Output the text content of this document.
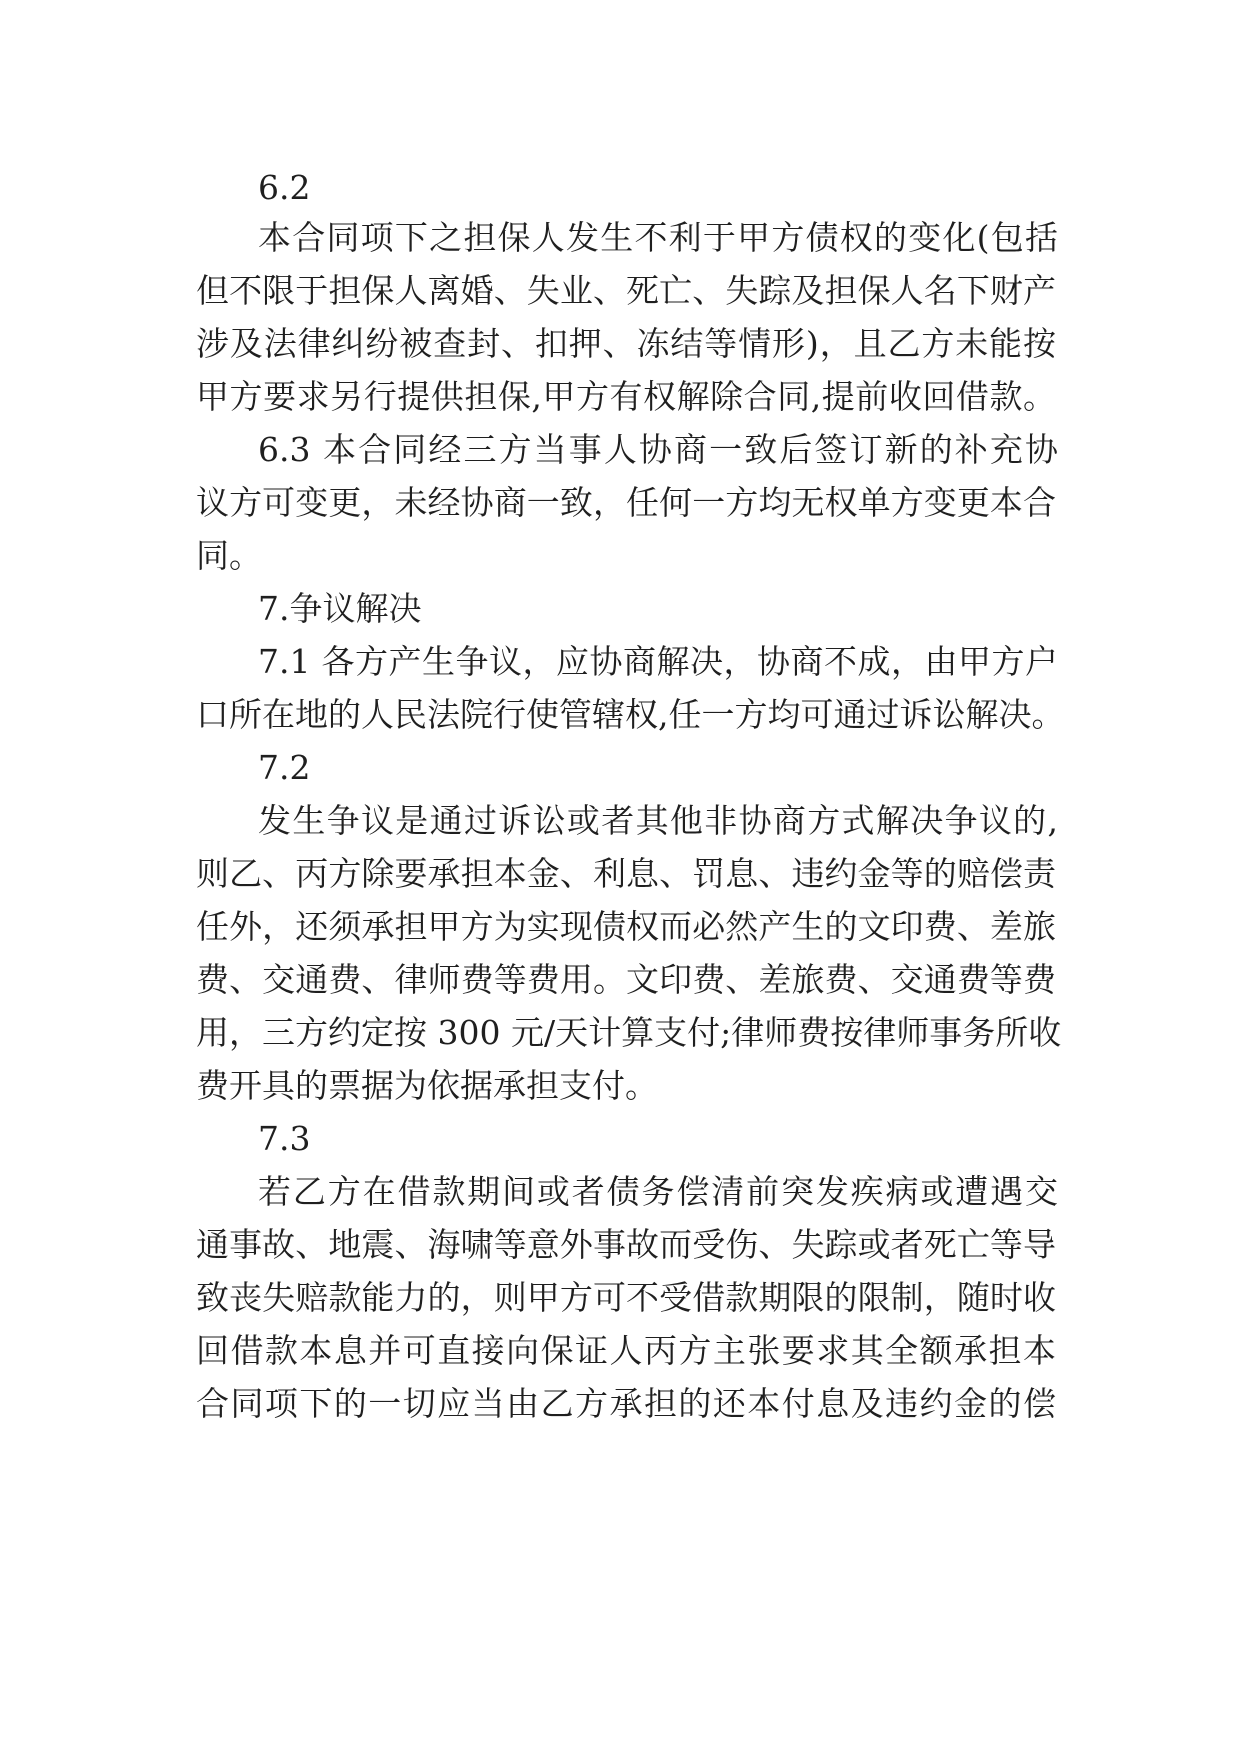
6.2
本合同项下之担保人发生不利于甲方债权的变化(包括
但不限于担保人离婚、失业、死亡、失踪及担保人名下财产
涉及法律纠纷被查封、扣押、冻结等情形)，且乙方未能按
甲方要求另行提供担保,甲方有权解除合同,提前收回借款。
6.3 本合同经三方当事人协商一致后签订新的补充协
议方可变更，未经协商一致，任何一方均无权单方变更本合
同。
7.争议解决
7.1 各方产生争议，应协商解决，协商不成，由甲方户
口所在地的人民法院行使管辖权,任一方均可通过诉讼解决。
7.2
发生争议是通过诉讼或者其他非协商方式解决争议的,
则乙、丙方除要承担本金、利息、罚息、违约金等的赔偿责
任外，还须承担甲方为实现债权而必然产生的文印费、差旅
费、交通费、律师费等费用。文印费、差旅费、交通费等费
用，三方约定按 300 元/天计算支付;律师费按律师事务所收
费开具的票据为依据承担支付。
7.3
若乙方在借款期间或者债务偿清前突发疾病或遭遇交
通事故、地震、海啸等意外事故而受伤、失踪或者死亡等导
致丧失赔款能力的，则甲方可不受借款期限的限制，随时收
回借款本息并可直接向保证人丙方主张要求其全额承担本
合同项下的一切应当由乙方承担的还本付息及违约金的偿
